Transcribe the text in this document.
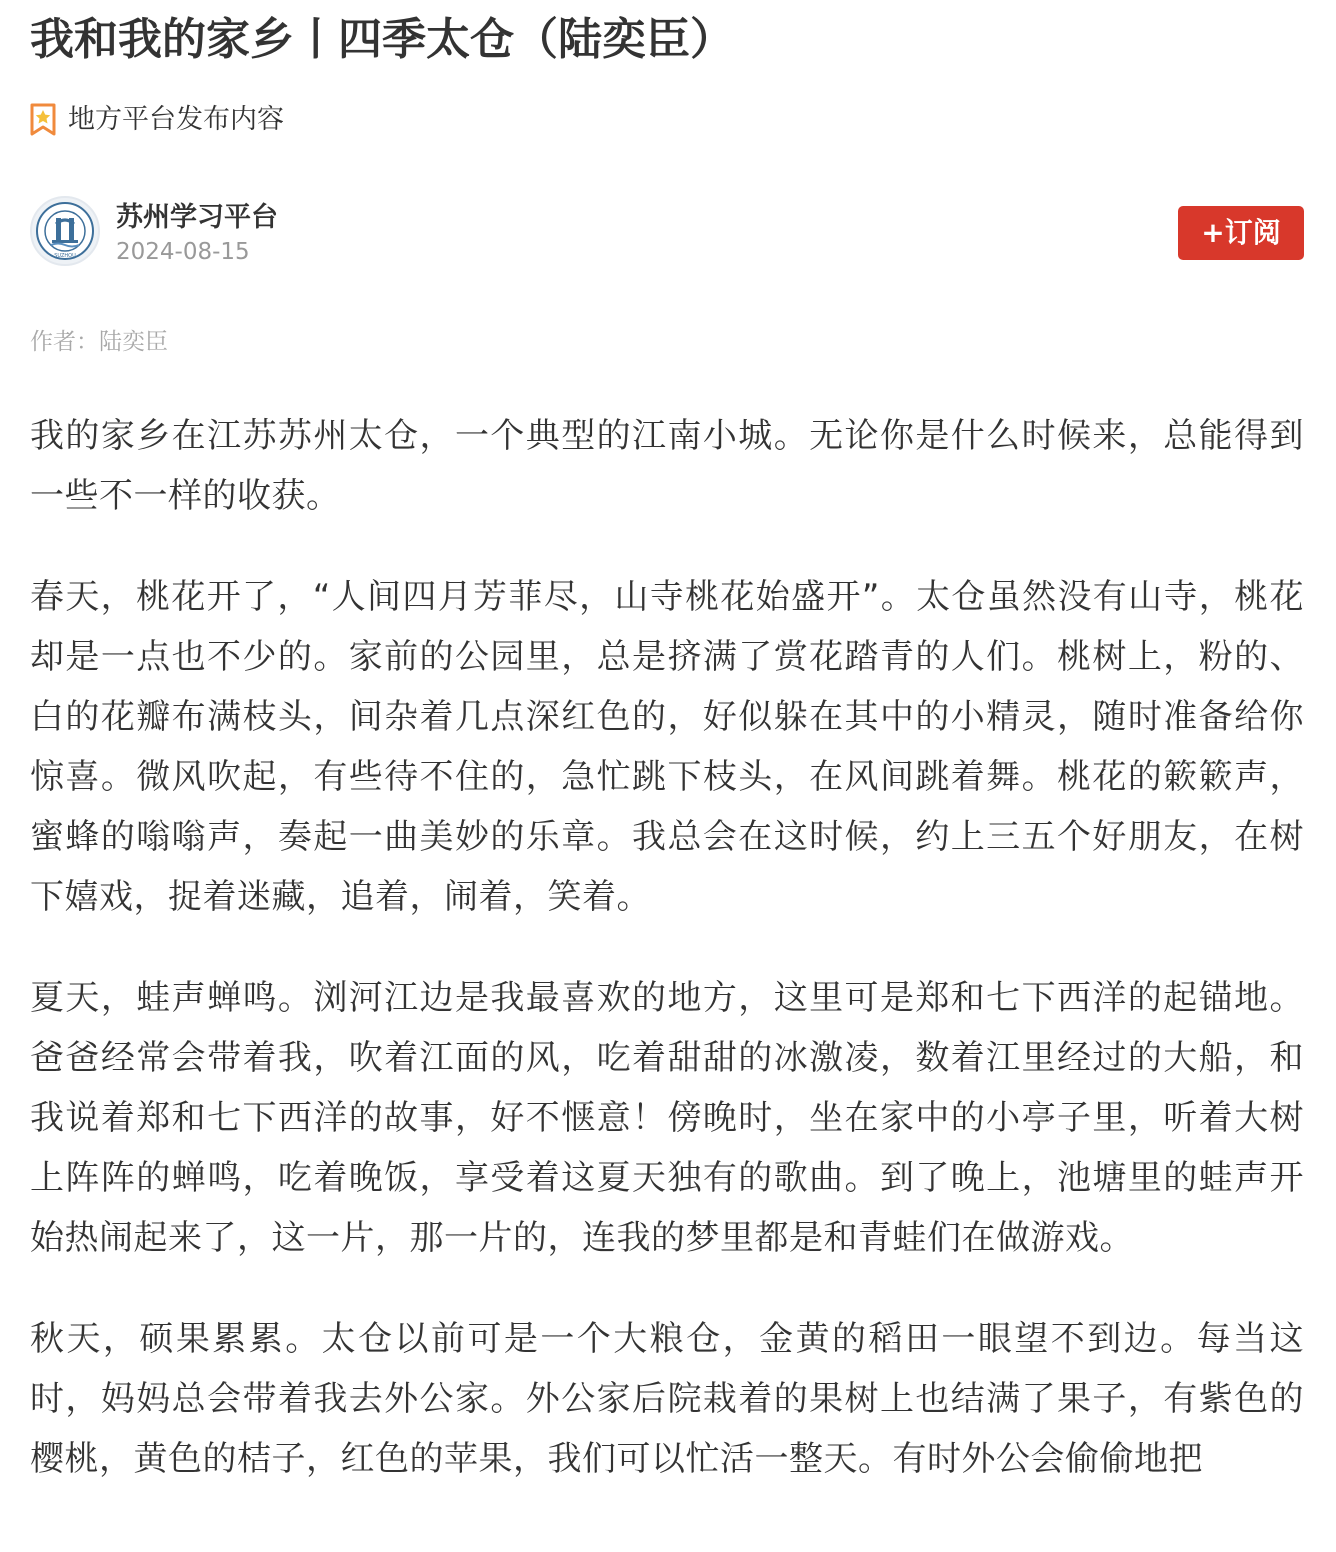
我和我的家乡丨四季太仓（陆奕臣）
地方平台发布内容
SUZHOU
苏州学习平台
2024-08-15
+订阅
作者：陆奕臣

我的家乡在江苏苏州太仓，一个典型的江南小城。无论你是什么时候来，总能得到一些不一样的收获。

春天，桃花开了，“人间四月芳菲尽，山寺桃花始盛开”。太仓虽然没有山寺，桃花却是一点也不少的。家前的公园里，总是挤满了赏花踏青的人们。桃树上，粉的、白的花瓣布满枝头，间杂着几点深红色的，好似躲在其中的小精灵，随时准备给你惊喜。微风吹起，有些待不住的，急忙跳下枝头，在风间跳着舞。桃花的簌簌声，蜜蜂的嗡嗡声，奏起一曲美妙的乐章。我总会在这时候，约上三五个好朋友，在树下嬉戏，捉着迷藏，追着，闹着，笑着。

夏天，蛙声蝉鸣。浏河江边是我最喜欢的地方，这里可是郑和七下西洋的起锚地。爸爸经常会带着我，吹着江面的风，吃着甜甜的冰激凌，数着江里经过的大船，和我说着郑和七下西洋的故事，好不惬意！傍晚时，坐在家中的小亭子里，听着大树上阵阵的蝉鸣，吃着晚饭，享受着这夏天独有的歌曲。到了晚上，池塘里的蛙声开始热闹起来了，这一片，那一片的，连我的梦里都是和青蛙们在做游戏。

秋天，硕果累累。太仓以前可是一个大粮仓，金黄的稻田一眼望不到边。每当这时，妈妈总会带着我去外公家。外公家后院栽着的果树上也结满了果子，有紫色的樱桃，黄色的桔子，红色的苹果，我们可以忙活一整天。有时外公会偷偷地把
